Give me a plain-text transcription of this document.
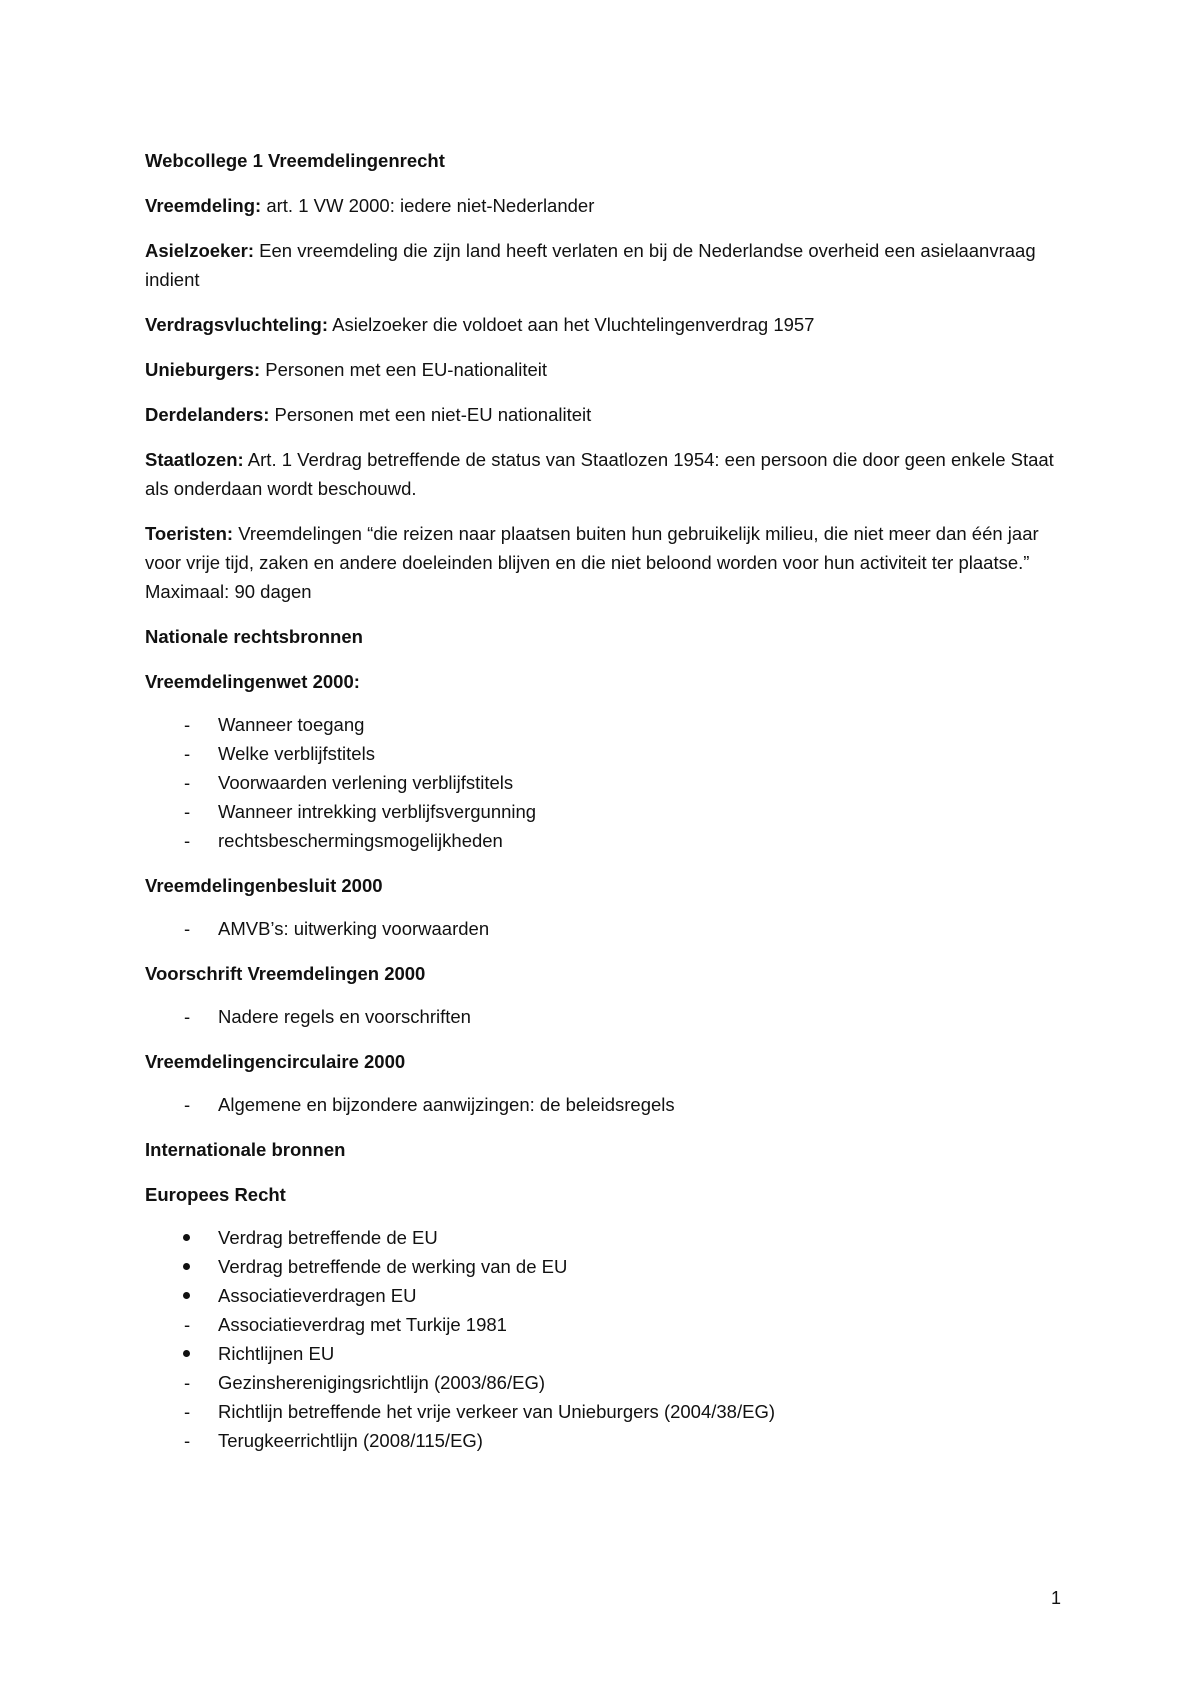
Webcollege 1 Vreemdelingenrecht

Vreemdeling: art. 1 VW 2000: iedere niet-Nederlander

Asielzoeker: Een vreemdeling die zijn land heeft verlaten en bij de Nederlandse overheid een asielaanvraag indient

Verdragsvluchteling: Asielzoeker die voldoet aan het Vluchtelingenverdrag 1957

Unieburgers: Personen met een EU-nationaliteit

Derdelanders: Personen met een niet-EU nationaliteit

Staatlozen: Art. 1 Verdrag betreffende de status van Staatlozen 1954: een persoon die door geen enkele Staat als onderdaan wordt beschouwd.

Toeristen: Vreemdelingen “die reizen naar plaatsen buiten hun gebruikelijk milieu, die niet meer dan één jaar voor vrije tijd, zaken en andere doeleinden blijven en die niet beloond worden voor hun activiteit ter plaatse.” Maximaal: 90 dagen

Nationale rechtsbronnen

Vreemdelingenwet 2000:

-	Wanneer toegang
-	Welke verblijfstitels
-	Voorwaarden verlening verblijfstitels
-	Wanneer intrekking verblijfsvergunning
-	rechtsbeschermingsmogelijkheden

Vreemdelingenbesluit 2000

-	AMVB’s: uitwerking voorwaarden

Voorschrift Vreemdelingen 2000

-	Nadere regels en voorschriften

Vreemdelingencirculaire 2000

-	Algemene en bijzondere aanwijzingen: de beleidsregels

Internationale bronnen

Europees Recht

Verdrag betreffende de EU
Verdrag betreffende de werking van de EU
Associatieverdragen EU
-	Associatieverdrag met Turkije 1981
Richtlijnen EU
-	Gezinsherenigingsrichtlijn (2003/86/EG)
-	Richtlijn betreffende het vrije verkeer van Unieburgers (2004/38/EG)
-	Terugkeerrichtlijn (2008/115/EG)
1
